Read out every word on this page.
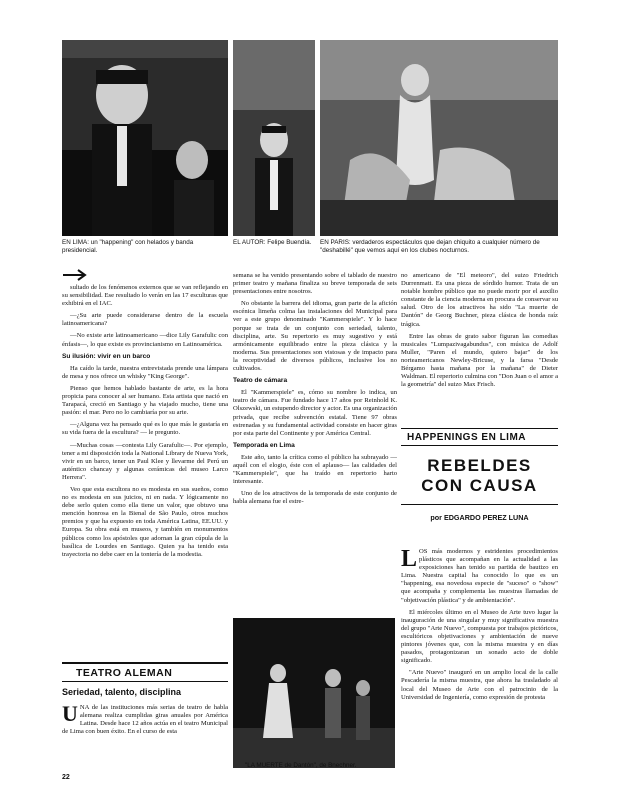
EN LIMA: un "happening" con helados y banda presidencial.
EL AUTOR: Felipe Buendía.	EN PARIS: verdaderos espectáculos que dejan chiquito a cualquier número de "deshabillé" que vemos aquí en los clubes nocturnos.

sultado de los fenómenos externos que se van reflejando en su sensibilidad. Ese resultado lo verán en las 17 esculturas que exhibirá en el IAC.

—¿Su arte puede considerarse dentro de la escuela latinoamericana?

—No existe arte latinoamericano —dice Lily Garafulic con énfasis—, lo que existe es provincianismo en Latinoamérica.

Su ilusión: vivir en un barco

Ha caído la tarde, nuestra entrevistada prende una lámpara de mesa y nos ofrece un whisky "King George".

Pienso que hemos hablado bastante de arte, es la hora propicia para conocer al ser humano. Esta artista que nació en Tarapacá, creció en Santiago y ha viajado mucho, tiene una pasión: el mar. Pero no lo cambiaría por su arte.

—¿Alguna vez ha pensado qué es lo que más le gustaría en su vida fuera de la escultura? — le pregunto.

—Muchas cosas —contesta Lily Garafulic—. Por ejemplo, tener a mi disposición toda la National Library de Nueva York, vivir en un barco, tener un Paul Klee y llevarme del Perú un auténtico chancay y algunas cerámicas del museo Larco Herrera".

Veo que esta escultora no es modesta en sus sueños, como no es modesta en sus juicios, ni en nada. Y lógicamente no debe serlo quien como ella tiene un valor, que obtuvo una mención honrosa en la Bienal de São Paulo, otros muchos premios y que ha expuesto en toda América Latina, EE.UU. y Europa. Su obra está en museos, y también en monumentos públicos como los apóstoles que adornan la gran cúpula de la basílica de Lourdes en Santiago. Quien ya ha tenido esta trayectoria no debe caer en la tontería de la modestia.

TEATRO ALEMAN
Seriedad, talento, disciplina
U NA de las instituciones más serias de teatro de habla alemana realiza cumplidas giras anuales por América Latina. Desde hace 12 años actúa en el teatro Municipal de Lima con buen éxito. En el curso de esta
22

semana se ha venido presentando sobre el tablado de nuestro primer teatro y mañana finaliza su breve temporada de seis presentaciones entre nosotros.

No obstante la barrera del idioma, gran parte de la afición escénica limeña colma las instalaciones del Municipal para ver a este grupo denominado "Kammerspiele". Y lo hace porque se trata de un conjunto con seriedad, talento, disciplina, arte. Su repertorio es muy sugestivo y está armónicamente equilibrado entre la pieza clásica y la moderna. Sus presentaciones son vistosas y de impacto para la receptividad de diversos públicos, inclusive los no cultivados.

Teatro de cámara

El "Kammerspiele" es, cómo su nombre lo indica, un teatro de cámara. Fue fundado hace 17 años por Reinhold K. Olszewski, un estupendo director y actor. Es una organización privada, que recibe subvención estatal. Tiene 97 obras estrenadas y su fundamental actividad consiste en hacer giras por esta parte del Continente y por América Central.

Temporada en Lima

Este año, tanto la crítica como el público ha subrayado —aquél con el elogio, éste con el aplauso— las calidades del "Kammerspiele", que ha traído en repertorio harto interesante.

Uno de los atractivos de la temporada de este conjunto de habla alemana fue el estre-

"LA MUERTE de Dantón", de Bnechner.

no americano de "El meteoro", del suizo Friedrich Durrenmatt. Es una pieza de sórdido humor. Trata de un notable hombre público que no puede morir por el auxilio constante de la ciencia moderna en procura de conservar su salud. Otro de los atractivos ha sido "La muerte de Dantón" de Georg Buchner, pieza clásica de honda raíz trágica.

Entre las obras de grato sabor figuran las comedias musicales "Lumpazivagabundus", con música de Adolf Muller, "Paren el mundo, quiero bajar" de los norteamericanos Newley-Bricuse, y la farsa "Desde Bérgamo hasta mañana por la mañana" de Dieter Waldman. El repertorio culmina con "Don Juan o el amor a la geometría" del suizo Max Frisch.

HAPPENINGS EN LIMA
REBELDES CON CAUSA
por EDGARDO PEREZ LUNA

L OS más modernos y estridentes procedimientos plásticos que acompañan en la actualidad a las exposiciones han tenido su partida de bautizo en Lima. Nuestra capital ha conocido lo que es un "happening, esa novedosa especie de "suceso" o "show" que acompaña y complementa las muestras llamadas de "objetivación plástica" y de ambientación".

El miércoles último en el Museo de Arte tuvo lugar la inauguración de una singular y muy significativa muestra del grupo "Arte Nuevo", compuesta por trabajos pictóricos, escultóricos objetivaciones y ambientación de nueve pintores jóvenes que, con la misma muestra y en días pasados, protagonizaran un sonado acto de doble significado.

"Arte Nuevo" inauguró en un amplio local de la calle Pescadería la misma muestra, que ahora ha trasladado al local del Museo de Arte con el patrocinio de la Universidad de Ingeniería, como expresión de protesta
